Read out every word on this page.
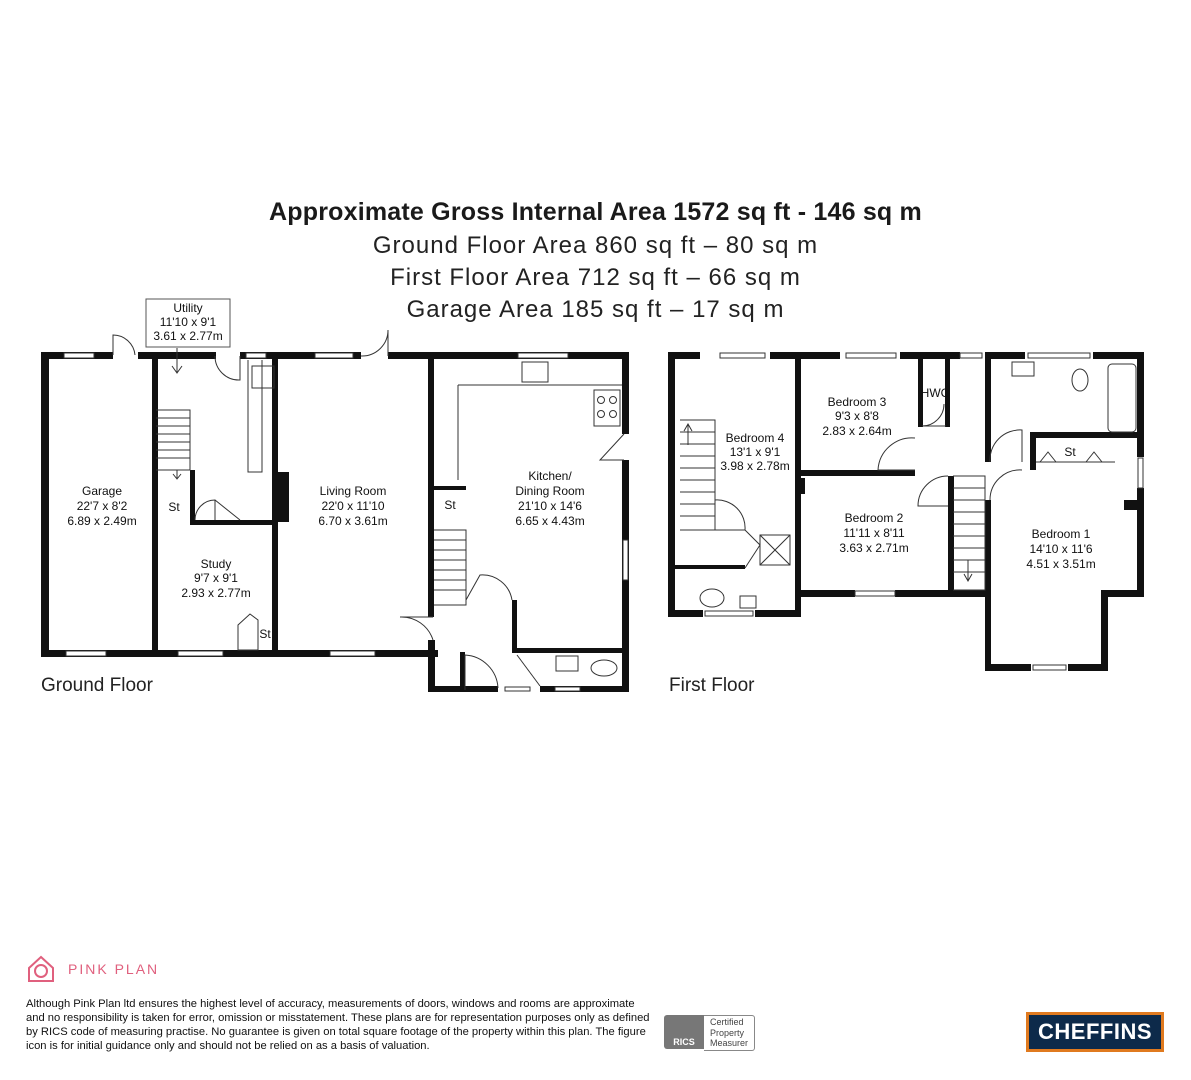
Approximate Gross Internal Area 1572 sq ft - 146 sq m
Ground Floor Area 860 sq ft – 80 sq m
First Floor Area 712 sq ft – 66 sq m
Garage Area 185 sq ft – 17 sq m
Utility
11'10 x 9'1
3.61 x 2.77m
Garage
22'7 x 8'2
6.89 x 2.49m
Study
9'7 x 9'1
2.93 x 2.77m
Living Room
22'0 x 11'10
6.70 x 3.61m
Kitchen/
Dining Room
21'10 x 14'6
6.65 x 4.43m
St	St
St
Bedroom 4
13'1 x 9'1
3.98 x 2.78m
Bedroom 3
9'3 x 8'8
2.83 x 2.64m
Bedroom 2
11'11 x 8'11
3.63 x 2.71m
Bedroom 1
14'10 x 11'6
4.51 x 3.51m
HWC
St
Ground Floor	First Floor
PINK PLAN
Although Pink Plan ltd ensures the highest level of accuracy, measurements of doors, windows and rooms are approximate and no responsibility is taken for error, omission or misstatement. These plans are for representation purposes only as defined by RICS code of measuring practise. No guarantee is given on total square footage of the property within this plan. The figure icon is for initial guidance only and should not be relied on as a basis of valuation.	RICS
Certified
Property
Measurer	CHEFFINS
